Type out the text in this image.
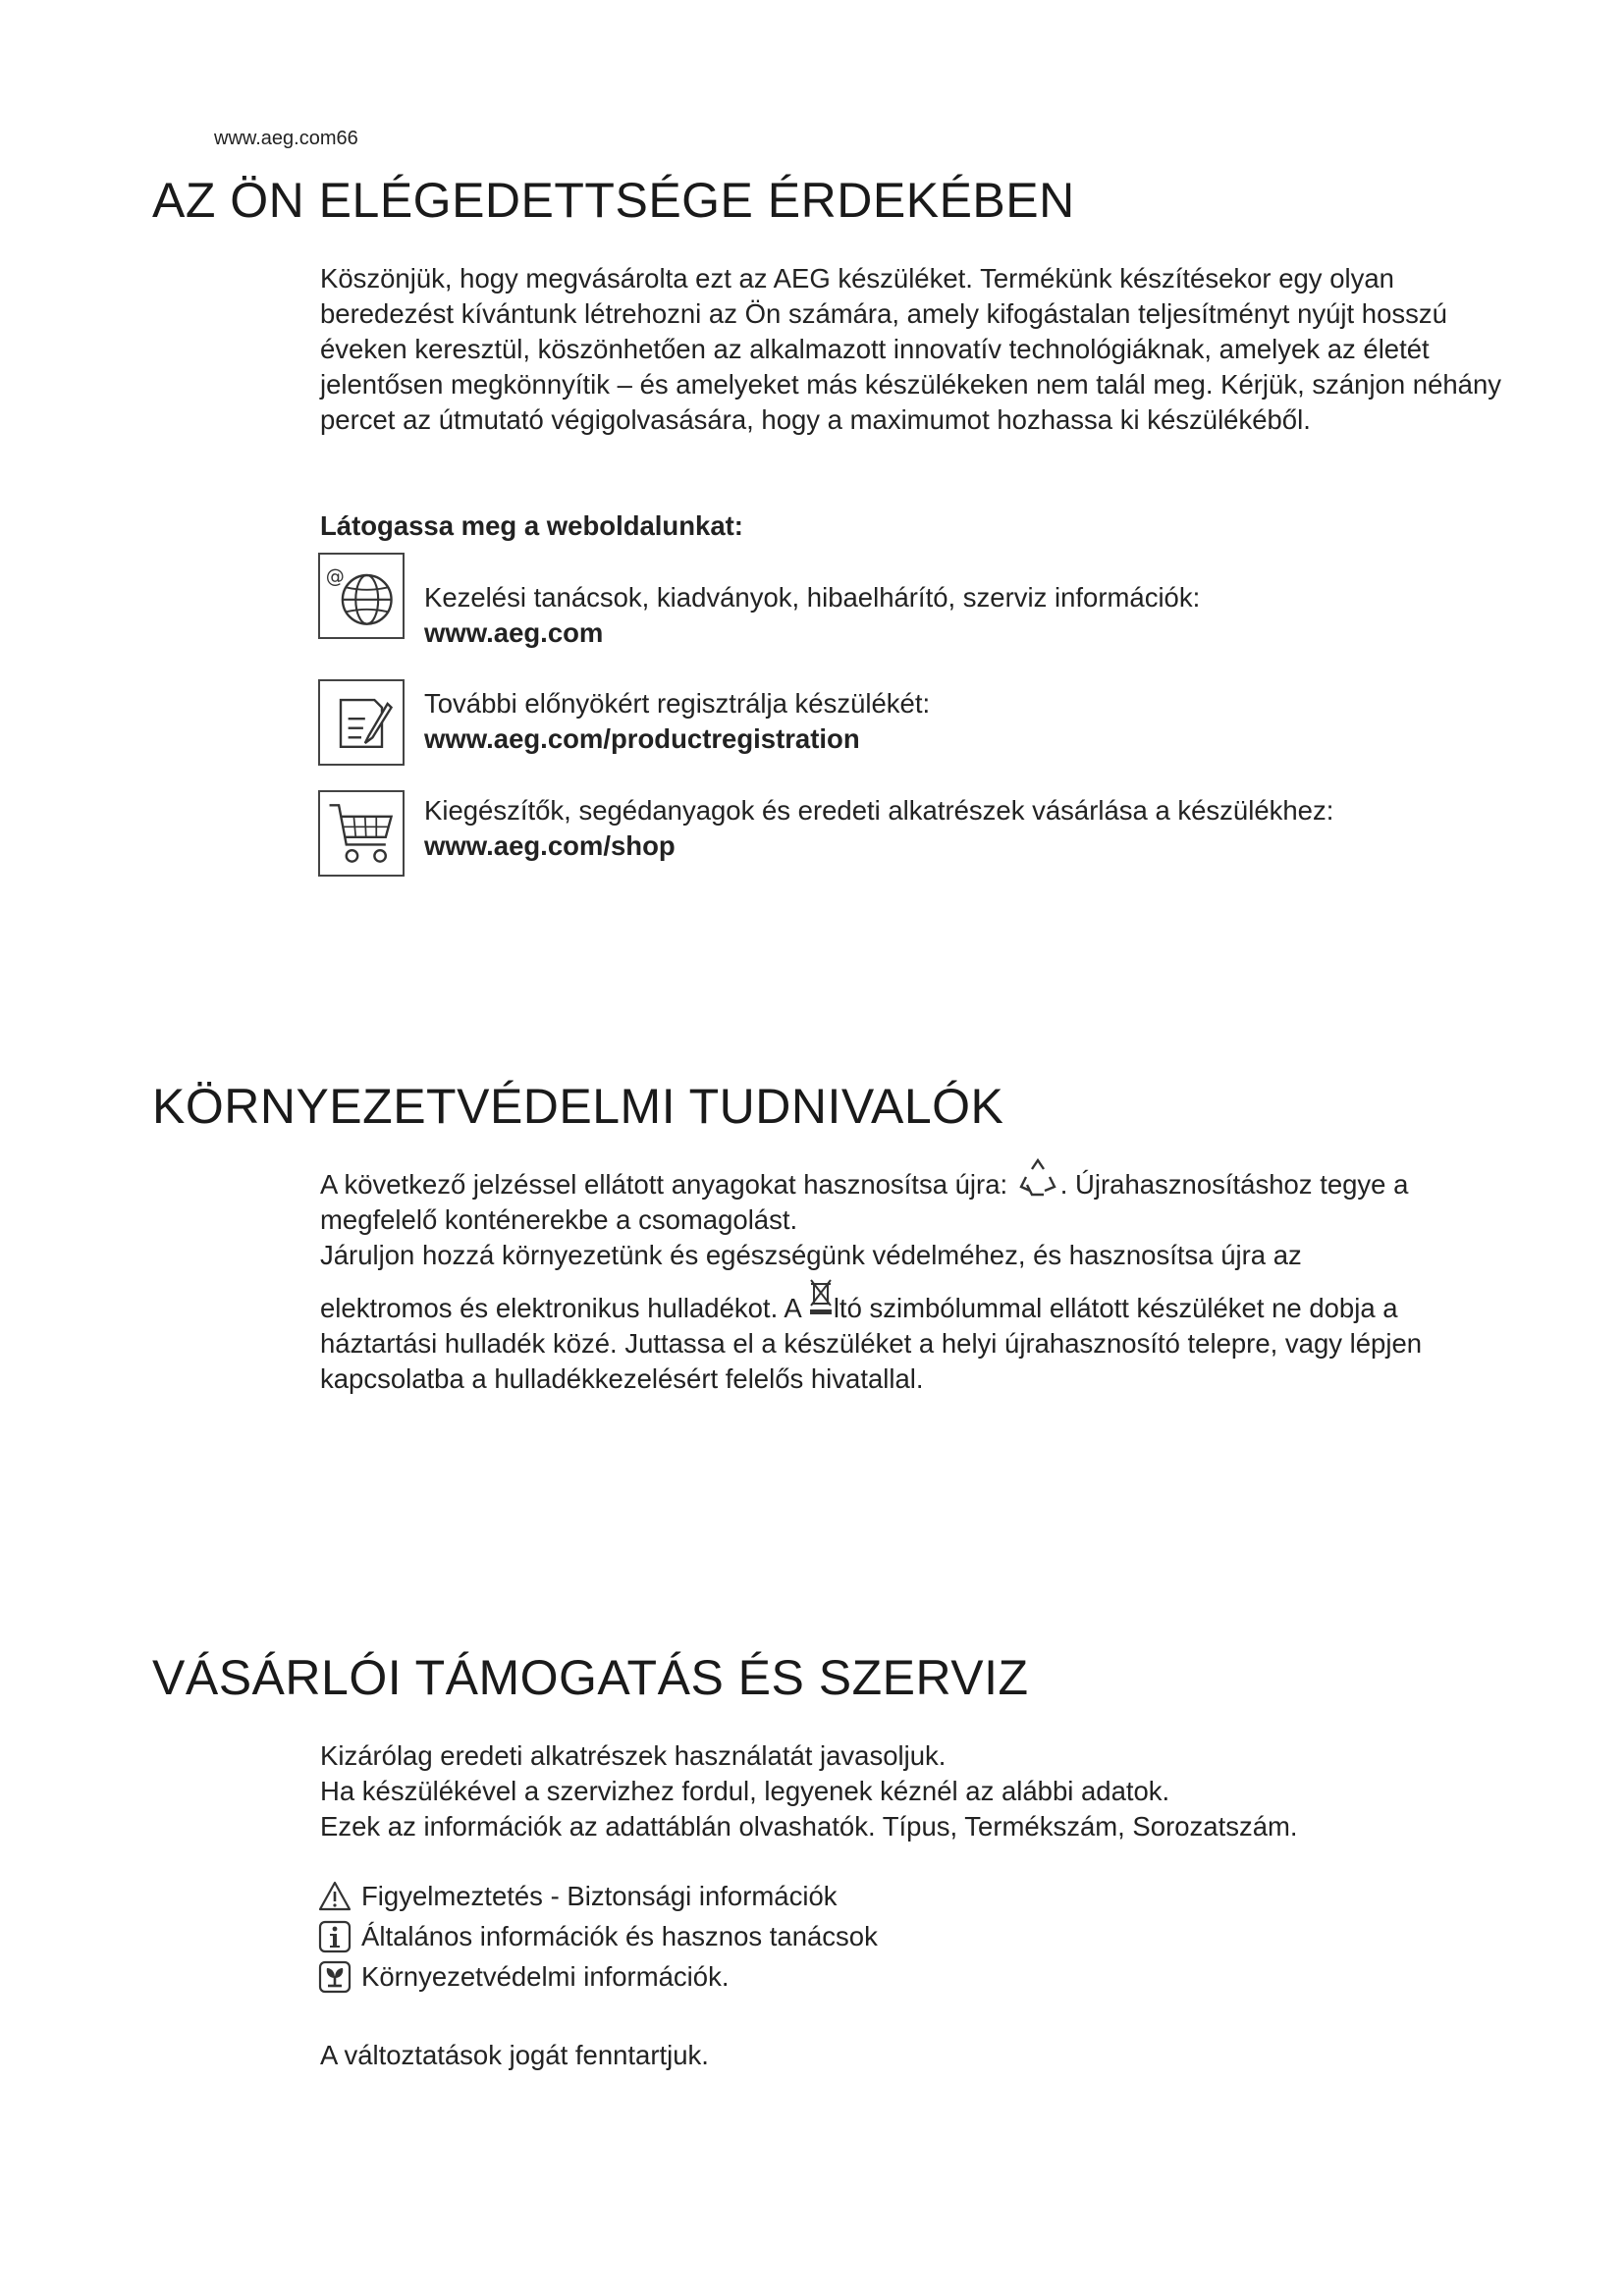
www.aeg.com66
AZ ÖN ELÉGEDETTSÉGE ÉRDEKÉBEN

Köszönjük, hogy megvásárolta ezt az AEG készüléket. Termékünk készítésekor egy olyan beredezést kívántunk létrehozni az Ön számára, amely kifogástalan teljesítményt nyújt hosszú éveken keresztül, köszönhetően az alkalmazott innovatív technológiáknak, amelyek az életét jelentősen megkönnyítik – és amelyeket más készülékeken nem talál meg. Kérjük, szánjon néhány percet az útmutató végigolvasására, hogy a maximumot hozhassa ki készülékéből.

Látogassa meg a weboldalunkat:
@
Kezelési tanácsok, kiadványok, hibaelhárító, szerviz információk:
www.aeg.com
További előnyökért regisztrálja készülékét:
www.aeg.com/productregistration
Kiegészítők, segédanyagok és eredeti alkatrészek vásárlása a készülékhez:
www.aeg.com/shop
KÖRNYEZETVÉDELMI TUDNIVALÓK

A következő jelzéssel ellátott anyagokat hasznosítsa újra: . Újrahasznosításhoz tegye a megfelelő konténerekbe a csomagolást.

Járuljon hozzá környezetünk és egészségünk védelméhez, és hasznosítsa újra az

elektromos és elektronikus hulladékot. A ltó szimbólummal ellátott készüléket ne dobja a háztartási hulladék közé. Juttassa el a készüléket a helyi újrahasznosító telepre, vagy lépjen kapcsolatba a hulladékkezelésért felelős hivatallal.

VÁSÁRLÓI TÁMOGATÁS ÉS SZERVIZ
Kizárólag eredeti alkatrészek használatát javasoljuk.
Ha készülékével a szervizhez fordul, legyenek kéznél az alábbi adatok.
Ezek az információk az adattáblán olvashatók. Típus, Termékszám, Sorozatszám.
Figyelmeztetés - Biztonsági információk
Általános információk és hasznos tanácsok
Környezetvédelmi információk.
A változtatások jogát fenntartjuk.
